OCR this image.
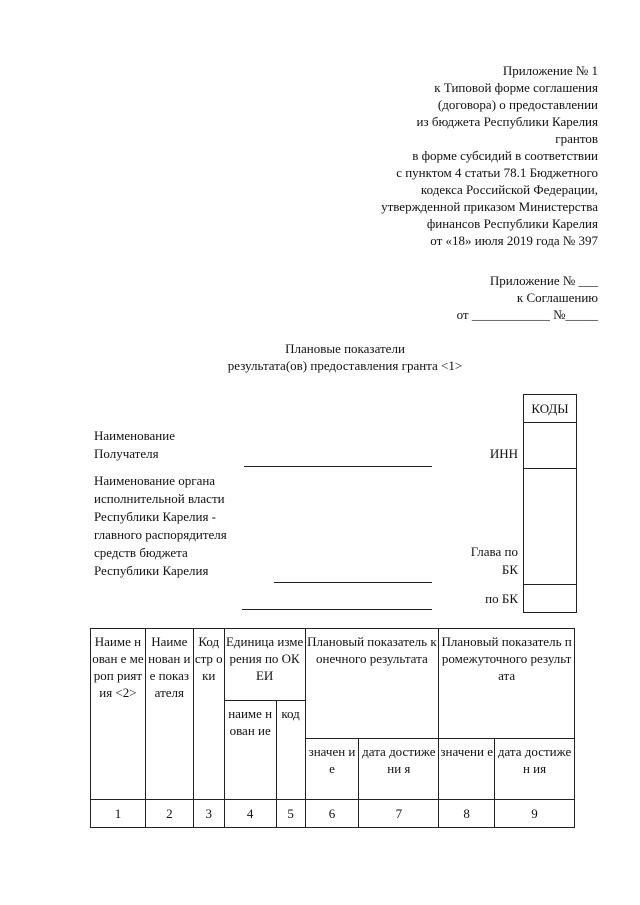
Приложение № 1
к Типовой форме соглашения
(договора) о предоставлении
из бюджета Республики Карелия
грантов
в форме субсидий в соответствии
с пунктом 4 статьи 78.1 Бюджетного
кодекса Российской Федерации,
утвержденной приказом Министерства
финансов Республики Карелия
от «18» июля 2019 года № 397
Приложение № ___
к Соглашению
от ____________ №_____
Плановые показатели
результата(ов) предоставления гранта <1>
Наименование
Получателя
Наименование органа
исполнительной власти
Республики Карелия -
главного распорядителя
средств бюджета
Республики Карелия
ИНН
Глава по
БК
по БК
КОДЫ

Наиме нован е мероп риятия <2>	Наиме нован ие показ ателя	Код стр оки	Единица измерения по ОКЕИ		Плановый показатель конечного результата		Плановый показатель промежуточного результата	
			наиме нован ие	код				
					значен ие	дата достижени я	значени е	дата достижен ия
1	2	3	4	5	6	7	8	9
